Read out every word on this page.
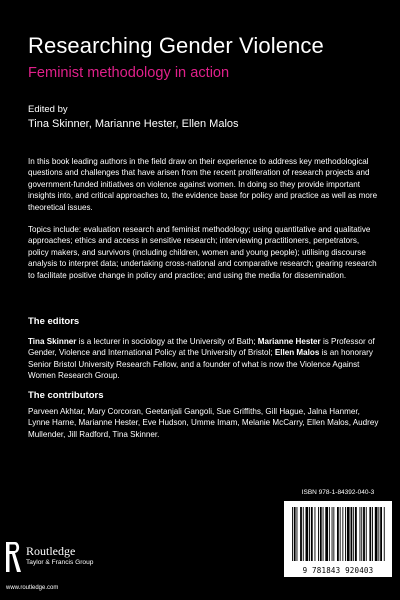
Researching Gender Violence
Feminist methodology in action
Edited by
Tina Skinner, Marianne Hester, Ellen Malos

In this book leading authors in the field draw on their experience to address key methodological questions and challenges that have arisen from the recent proliferation of research projects and government-funded initiatives on violence against women. In doing so they provide important insights into, and critical approaches to, the evidence base for policy and practice as well as more theoretical issues.

Topics include: evaluation research and feminist methodology; using quantitative and qualitative approaches; ethics and access in sensitive research; interviewing practitioners, perpetrators, policy makers, and survivors (including children, women and young people); utilising discourse analysis to interpret data; undertaking cross-national and comparative research; gearing research to facilitate positive change in policy and practice; and using the media for dissemination.

The editors

Tina Skinner is a lecturer in sociology at the University of Bath; Marianne Hester is Professor of Gender, Violence and International Policy at the University of Bristol; Ellen Malos is an honorary Senior Bristol University Research Fellow, and a founder of what is now the Violence Against Women Research Group.

The contributors

Parveen Akhtar, Mary Corcoran, Geetanjali Gangoli, Sue Griffiths, Gill Hague, Jalna Hanmer, Lynne Harne, Marianne Hester, Eve Hudson, Umme Imam, Melanie McCarry, Ellen Malos, Audrey Mullender, Jill Radford, Tina Skinner.

ISBN 978-1-84392-040-3
9 781843 920403
Routledge
Taylor & Francis Group
www.routledge.com
